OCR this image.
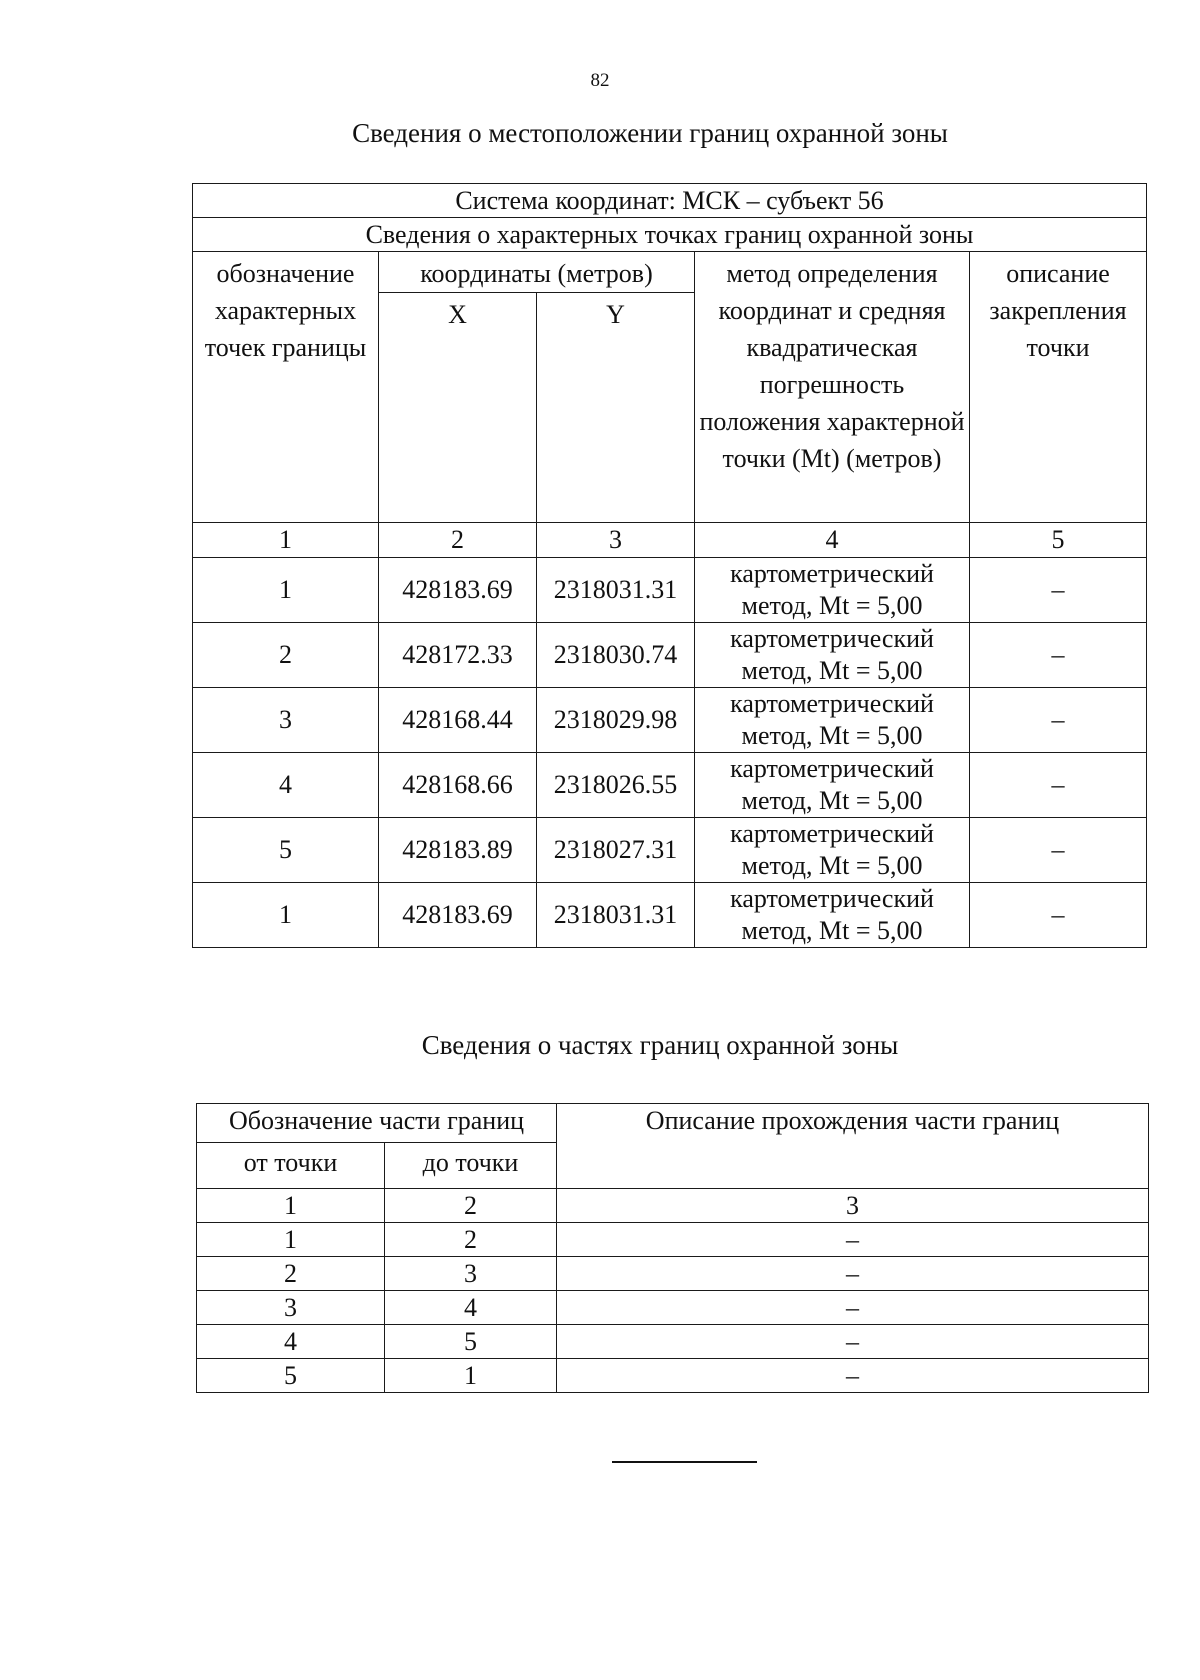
82
Сведения о местоположении границ охранной зоны
Система координат: МСК – субъект 56				
Сведения о характерных точках границ охранной зоны				
обозначение характерных точек границы	координаты (метров)		метод определения координат и средняя квадратическая погрешность положения характерной точки (Mt) (метров)	описание закрепления точки
	X	Y		
1	2	3	4	5
1	428183.69	2318031.31	картометрический метод, Mt = 5,00	–
2	428172.33	2318030.74	картометрический метод, Mt = 5,00	–
3	428168.44	2318029.98	картометрический метод, Mt = 5,00	–
4	428168.66	2318026.55	картометрический метод, Mt = 5,00	–
5	428183.89	2318027.31	картометрический метод, Mt = 5,00	–
1	428183.69	2318031.31	картометрический метод, Mt = 5,00	–
Сведения о частях границ охранной зоны
Обозначение части границ		Описание прохождения части границ
от точки	до точки	
1	2	3
1	2	–
2	3	–
3	4	–
4	5	–
5	1	–
